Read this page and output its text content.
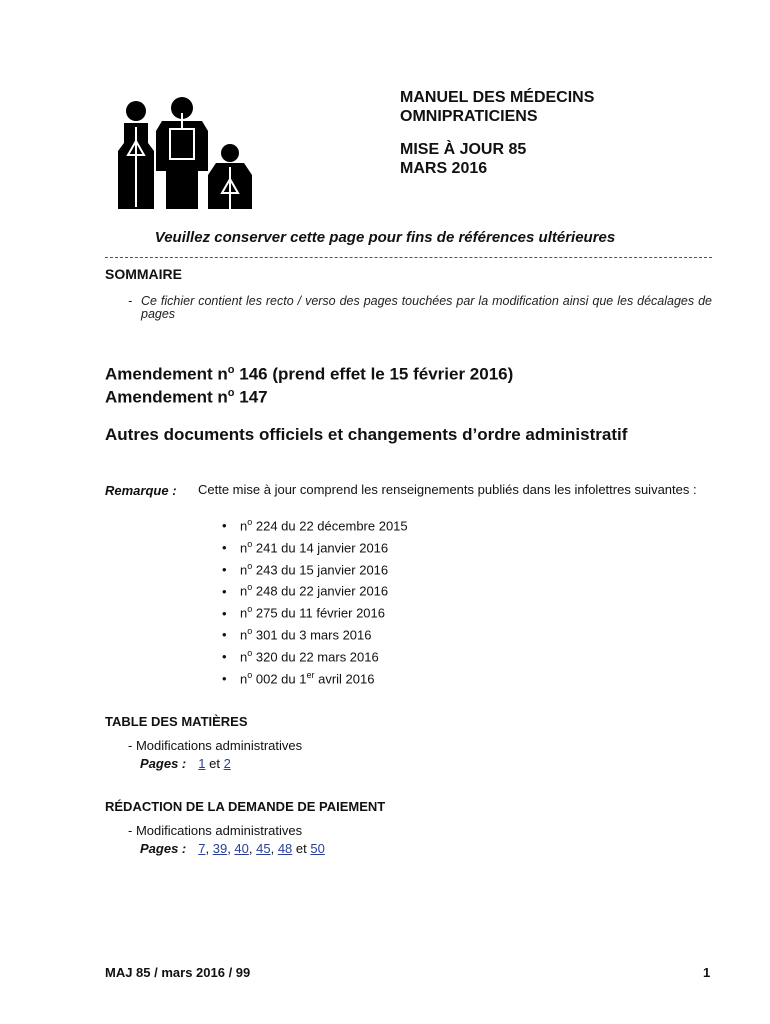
MANUEL DES MÉDECINS
OMNIPRATICIENS
MISE À JOUR 85
MARS 2016
Veuillez conserver cette page pour fins de références ultérieures
SOMMAIRE
- Ce fichier contient les recto / verso des pages touchées par la modification ainsi que les décalages de pages
Amendement $n^o$ 146 (prend effet le 15 février 2016)
Amendement $n^o$ 147
Autres documents officiels et changements d’ordre administratif
Remarque : Cette mise à jour comprend les renseignements publiés dans les infolettres suivantes :
• $n^o$ 224 du 22 décembre 2015
• $n^o$ 241 du 14 janvier 2016
• $n^o$ 243 du 15 janvier 2016
• $n^o$ 248 du 22 janvier 2016
• $n^o$ 275 du 11 février 2016
• $n^o$ 301 du 3 mars 2016
• $n^o$ 320 du 22 mars 2016
• $n^o$ 002 du 1er avril 2016
TABLE DES MATIÈRES
- Modifications administratives
Pages : 1 et 2
RÉDACTION DE LA DEMANDE DE PAIEMENT
- Modifications administratives
Pages : 7, 39, 40, 45, 48 et 50
MAJ 85 / mars 2016 / 99	1
